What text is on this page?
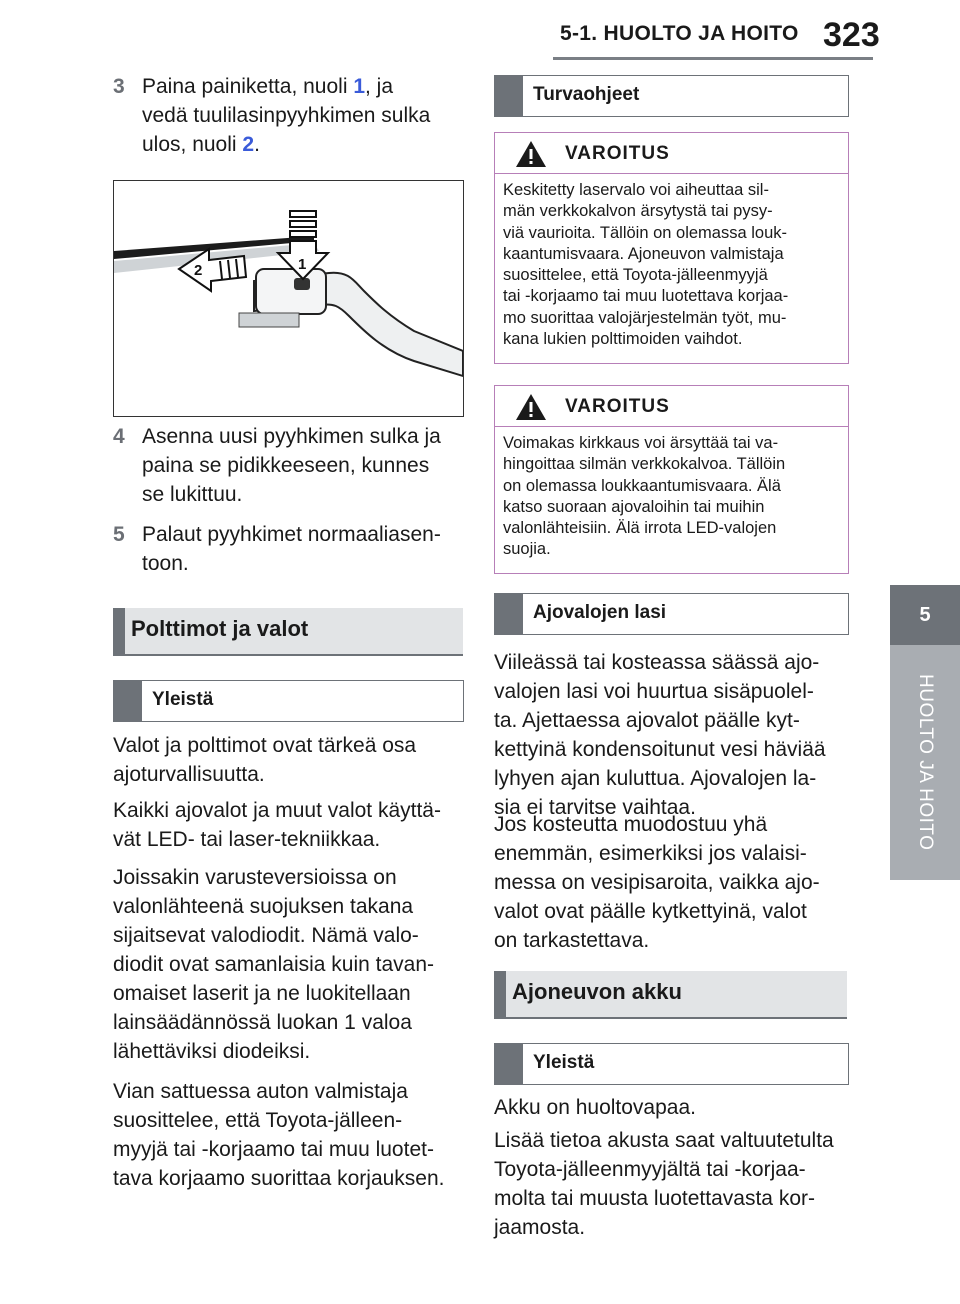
5-1. HUOLTO JA HOITO 323
5
HUOLTO JA HOITO
3 Paina painiketta, nuoli 1, ja
vedä tuulilasinpyyhkimen sulka
ulos, nuoli 2.
2	1
4 Asenna uusi pyyhkimen sulka ja
paina se pidikkeeseen, kunnes
se lukittuu.
5 Palaut pyyhkimet normaaliasen-
toon.
Polttimot ja valot
Yleistä
Valot ja polttimot ovat tärkeä osa
ajoturvallisuutta.
Kaikki ajovalot ja muut valot käyttä-
vät LED- tai laser-tekniikkaa.
Joissakin varusteversioissa on
valonlähteenä suojuksen takana
sijaitsevat valodiodit. Nämä valo-
diodit ovat samanlaisia kuin tavan-
omaiset laserit ja ne luokitellaan
lainsäädännössä luokan 1 valoa
lähettäviksi diodeiksi.
Vian sattuessa auton valmistaja
suosittelee, että Toyota-jälleen-
myyjä tai -korjaamo tai muu luotet-
tava korjaamo suorittaa korjauksen.
Turvaohjeet
VAROITUS
Keskitetty laservalo voi aiheuttaa sil-
män verkkokalvon ärsytystä tai pysy-
viä vaurioita. Tällöin on olemassa louk-
kaantumisvaara. Ajoneuvon valmistaja
suosittelee, että Toyota-jälleenmyyjä
tai -korjaamo tai muu luotettava korjaa-
mo suorittaa valojärjestelmän työt, mu-
kana lukien polttimoiden vaihdot.
VAROITUS
Voimakas kirkkaus voi ärsyttää tai va-
hingoittaa silmän verkkokalvoa. Tällöin
on olemassa loukkaantumisvaara. Älä
katso suoraan ajovaloihin tai muihin
valonlähteisiin. Älä irrota LED-valojen
suojia.
Ajovalojen lasi
Viileässä tai kosteassa säässä ajo-
valojen lasi voi huurtua sisäpuolel-
ta. Ajettaessa ajovalot päälle kyt-
kettyinä kondensoitunut vesi häviää
lyhyen ajan kuluttua. Ajovalojen la-
sia ei tarvitse vaihtaa.
Jos kosteutta muodostuu yhä
enemmän, esimerkiksi jos valaisi-
messa on vesipisaroita, vaikka ajo-
valot ovat päälle kytkettyinä, valot
on tarkastettava.
Ajoneuvon akku
Yleistä
Akku on huoltovapaa.
Lisää tietoa akusta saat valtuutetulta
Toyota-jälleenmyyjältä tai -korjaa-
molta tai muusta luotettavasta kor-
jaamosta.
